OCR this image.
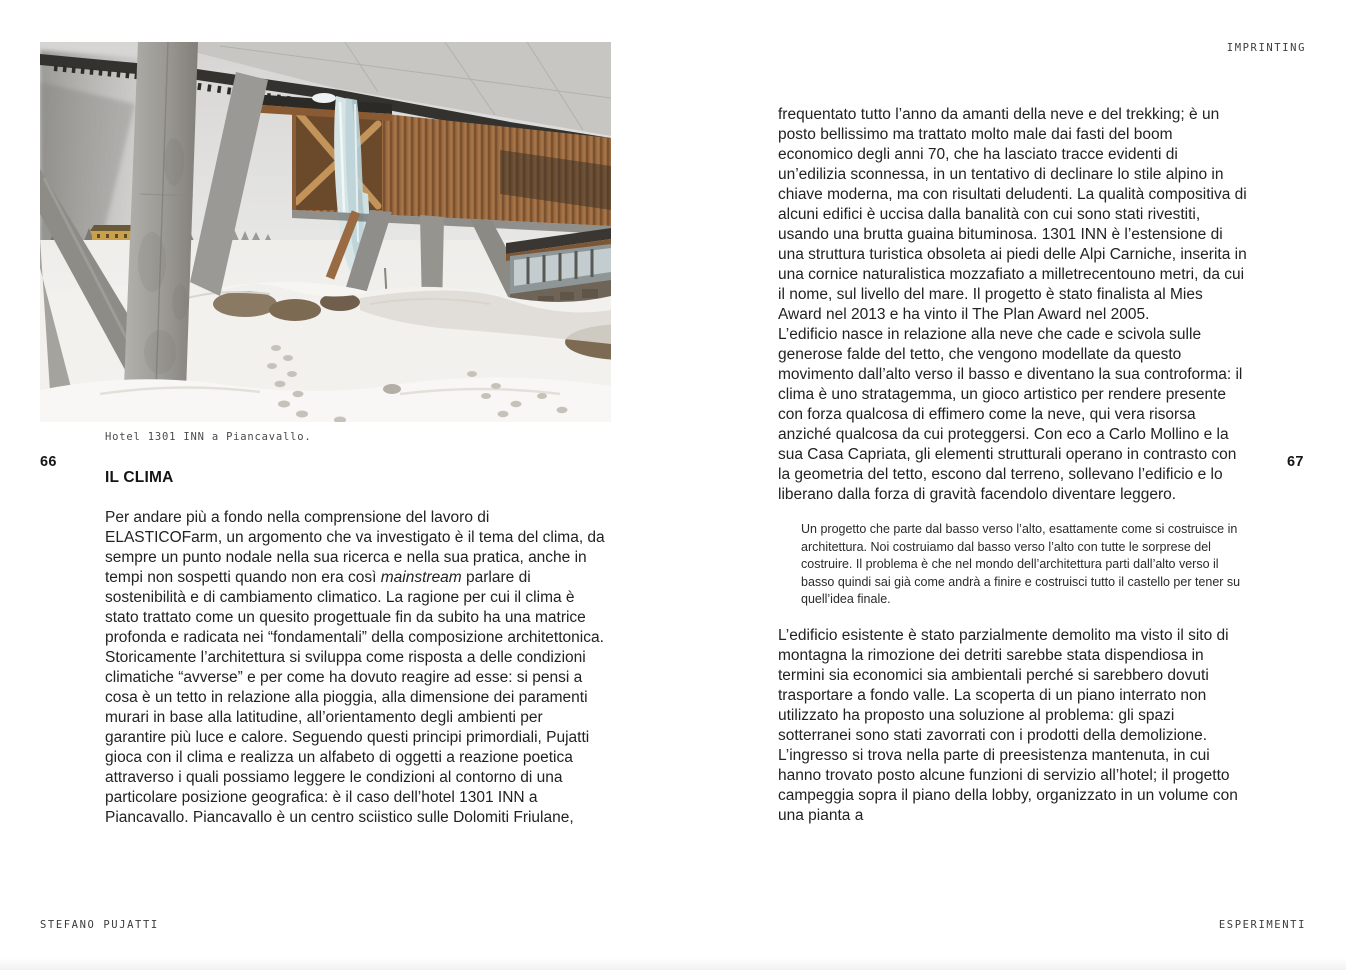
IMPRINTING
Hotel 1301 INN a Piancavallo.
66	67
IL CLIMA

Per andare più a fondo nella comprensione del lavoro di ELASTICOFarm, un argomento che va investigato è il tema del clima, da sempre un punto nodale nella sua ricerca e nella sua pratica, anche in tempi non sospetti quando non era così mainstream parlare di sostenibilità e di cambiamento climatico. La ragione per cui il clima è stato trattato come un quesito progettuale fin da subito ha una matrice profonda e radicata nei “fondamentali” della composizione architettonica. Storicamente l’architettura si sviluppa come risposta a delle condizioni climatiche “avverse” e per come ha dovuto reagire ad esse: si pensi a cosa è un tetto in relazione alla pioggia, alla dimensione dei paramenti murari in base alla latitudine, all’orientamento degli ambienti per garantire più luce e calore. Seguendo questi principi primordiali, Pujatti gioca con il clima e realizza un alfabeto di oggetti a reazione poetica attraverso i quali possiamo leggere le condizioni al contorno di una particolare posizione geografica: è il caso dell’hotel 1301 INN a Piancavallo. Piancavallo è un centro sciistico sulle Dolomiti Friulane,

frequentato tutto l’anno da amanti della neve e del trekking; è un posto bellissimo ma trattato molto male dai fasti del boom economico degli anni 70, che ha lasciato tracce evidenti di un’edilizia sconnessa, in un tentativo di declinare lo stile alpino in chiave moderna, ma con risultati deludenti. La qualità compositiva di alcuni edifici è uccisa dalla banalità con cui sono stati rivestiti, usando una brutta guaina bituminosa. 1301 INN è l’estensione di una struttura turistica obsoleta ai piedi delle Alpi Carniche, inserita in una cornice naturalistica mozzafiato a milletrecentouno metri, da cui il nome, sul livello del mare. Il progetto è stato finalista al Mies Award nel 2013 e ha vinto il The Plan Award nel 2005.

L’edificio nasce in relazione alla neve che cade e scivola sulle generose falde del tetto, che vengono modellate da questo movimento dall’alto verso il basso e diventano la sua controforma: il clima è uno stratagemma, un gioco artistico per rendere presente con forza qualcosa di effimero come la neve, qui vera risorsa anziché qualcosa da cui proteggersi. Con eco a Carlo Mollino e la sua Casa Capriata, gli elementi strutturali operano in contrasto con la geometria del tetto, escono dal terreno, sollevano l’edificio e lo liberano dalla forza di gravità facendolo diventare leggero.

Un progetto che parte dal basso verso l’alto, esattamente come si costruisce in architettura. Noi costruiamo dal basso verso l’alto con tutte le sorprese del costruire. Il problema è che nel mondo dell’architettura parti dall’alto verso il basso quindi sai già come andrà a finire e costruisci tutto il castello per tener su quell’idea finale.

L’edificio esistente è stato parzialmente demolito ma visto il sito di montagna la rimozione dei detriti sarebbe stata dispendiosa in termini sia economici sia ambientali perché si sarebbero dovuti trasportare a fondo valle. La scoperta di un piano interrato non utilizzato ha proposto una soluzione al problema: gli spazi sotterranei sono stati zavorrati con i prodotti della demolizione. L’ingresso si trova nella parte di preesistenza mantenuta, in cui hanno trovato posto alcune funzioni di servizio all’hotel; il progetto campeggia sopra il piano della lobby, organizzato in un volume con una pianta a

STEFANO PUJATTI	ESPERIMENTI
